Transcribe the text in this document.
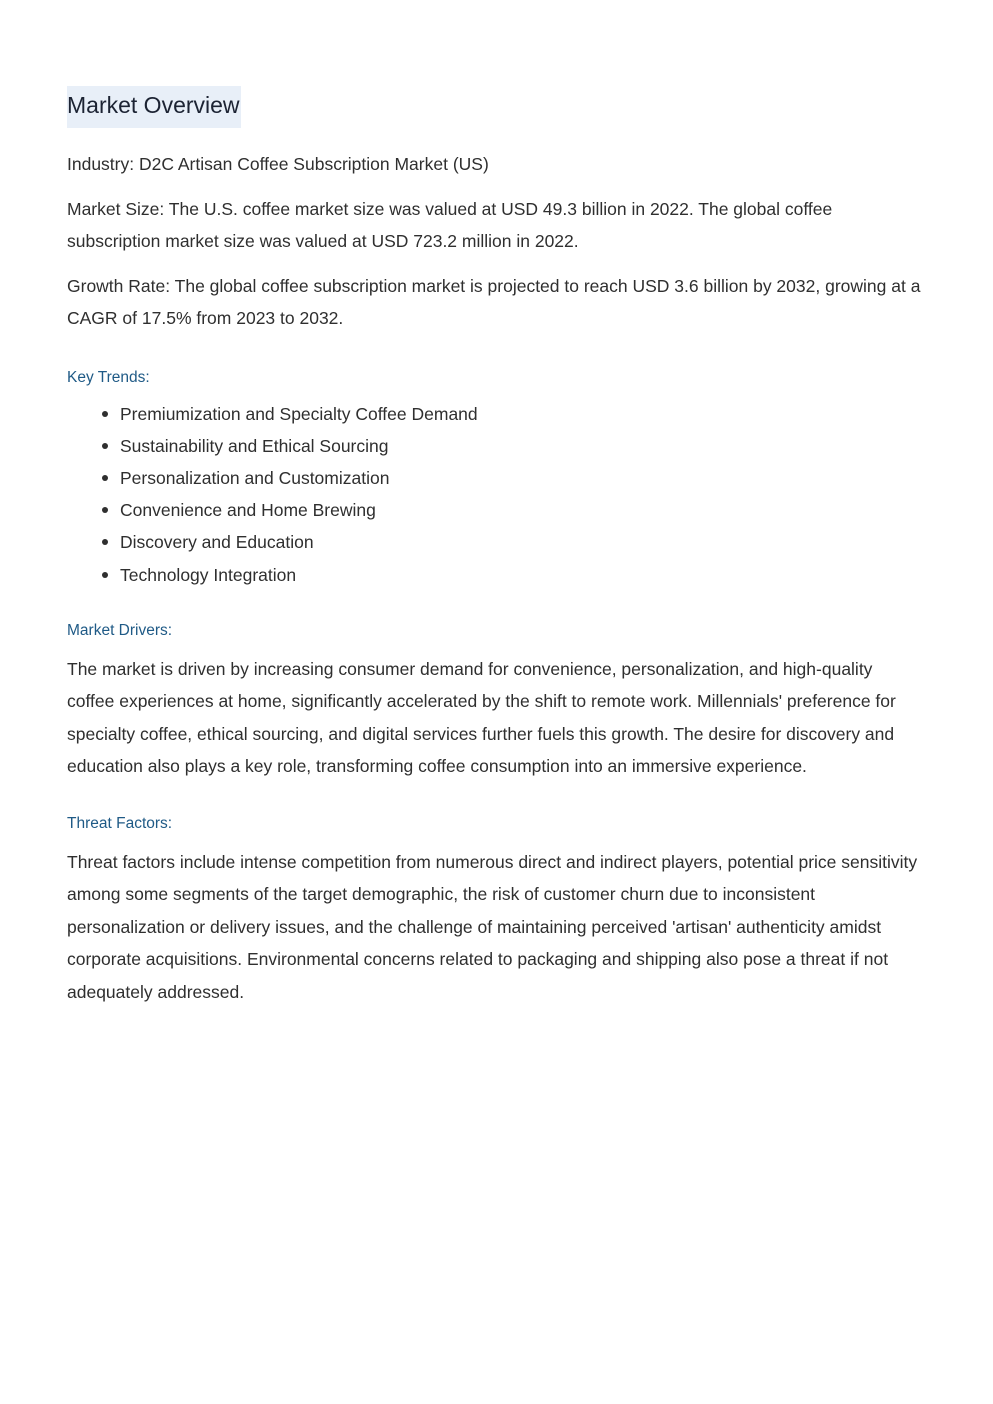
Market Overview

Industry: D2C Artisan Coffee Subscription Market (US)

Market Size: The U.S. coffee market size was valued at USD 49.3 billion in 2022. The global coffee subscription market size was valued at USD 723.2 million in 2022.

Growth Rate: The global coffee subscription market is projected to reach USD 3.6 billion by 2032, growing at a CAGR of 17.5% from 2023 to 2032.

Key Trends:
Premiumization and Specialty Coffee Demand
Sustainability and Ethical Sourcing
Personalization and Customization
Convenience and Home Brewing
Discovery and Education
Technology Integration
Market Drivers:

The market is driven by increasing consumer demand for convenience, personalization, and high-quality coffee experiences at home, significantly accelerated by the shift to remote work. Millennials' preference for specialty coffee, ethical sourcing, and digital services further fuels this growth. The desire for discovery and education also plays a key role, transforming coffee consumption into an immersive experience.

Threat Factors:

Threat factors include intense competition from numerous direct and indirect players, potential price sensitivity among some segments of the target demographic, the risk of customer churn due to inconsistent personalization or delivery issues, and the challenge of maintaining perceived 'artisan' authenticity amidst corporate acquisitions. Environmental concerns related to packaging and shipping also pose a threat if not adequately addressed.
